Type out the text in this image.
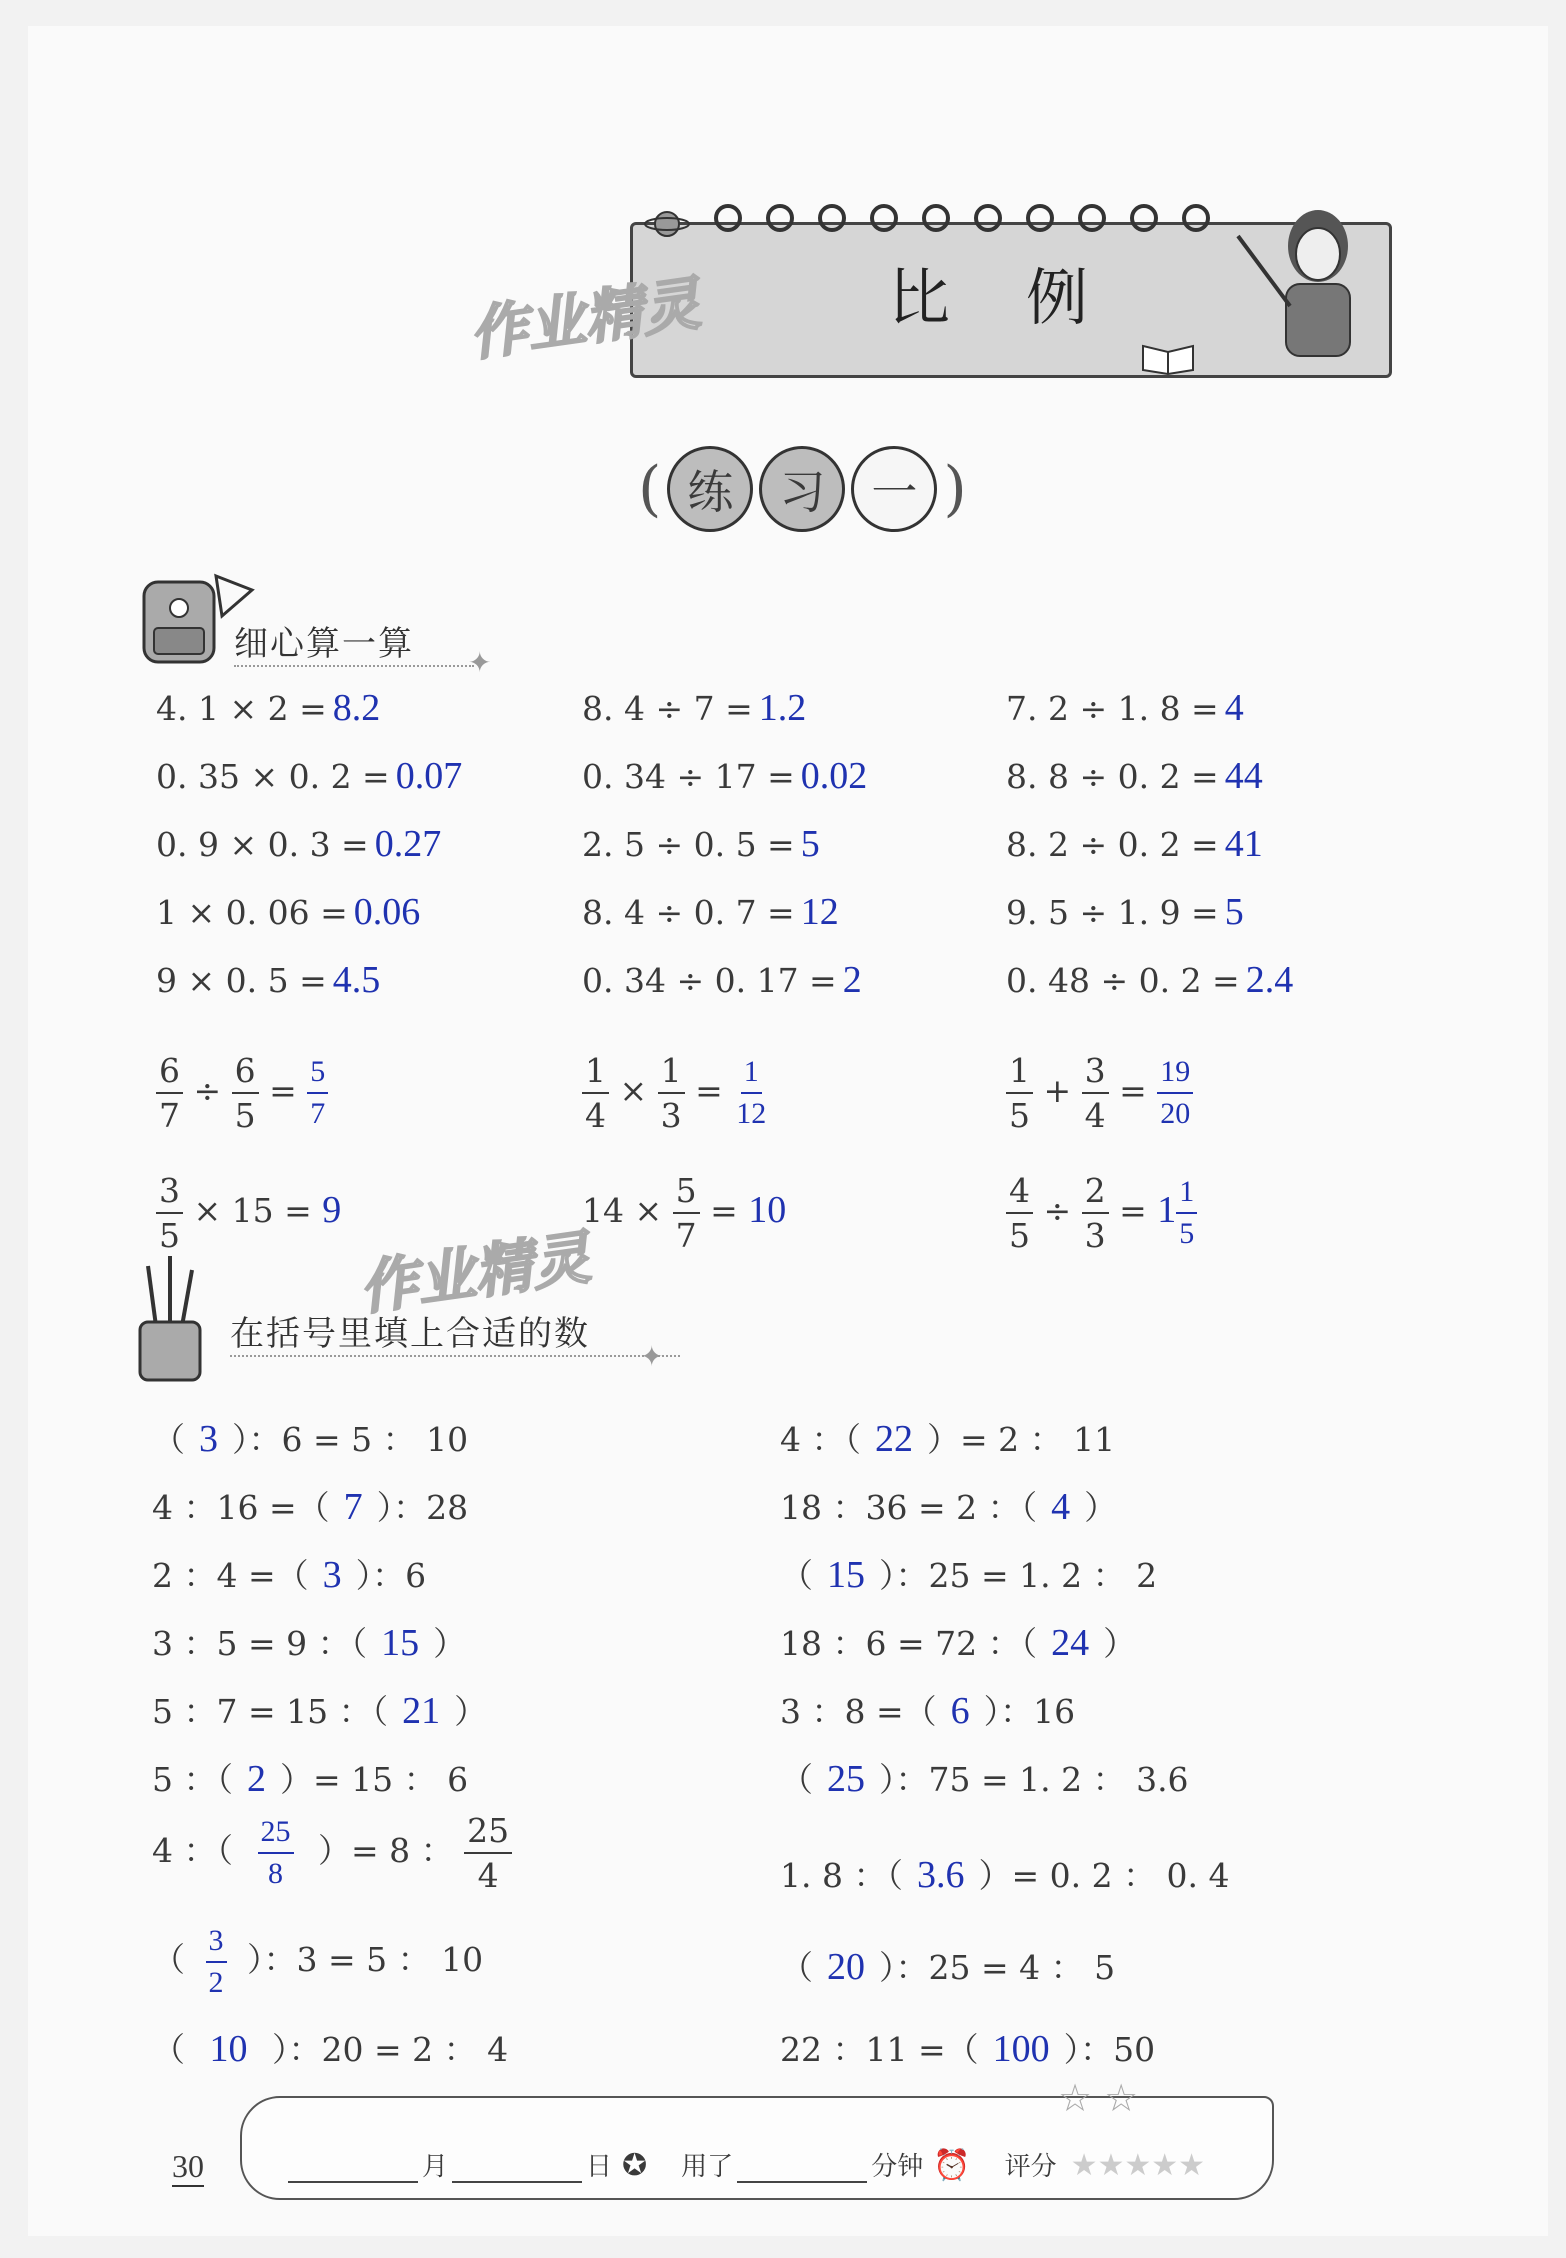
比 例
作业精灵
( 练	习	一 )
细心算一算	✦
4. 1 × 2 = 8.2	8. 4 ÷ 7 = 1.2	7. 2 ÷ 1. 8 = 4
0. 35 × 0. 2 = 0.07	0. 34 ÷ 17 = 0.02	8. 8 ÷ 0. 2 = 44
0. 9 × 0. 3 = 0.27	2. 5 ÷ 0. 5 = 5	8. 2 ÷ 0. 2 = 41
1 × 0. 06 = 0.06	8. 4 ÷ 0. 7 = 12	9. 5 ÷ 1. 9 = 5
9 × 0. 5 = 4.5	0. 34 ÷ 0. 17 = 2	0. 48 ÷ 0. 2 = 2.4
$\frac{6}{7} \div \frac{6}{5} = \frac{5}{7}$	$\frac{1}{4} \times \frac{1}{3} = \frac{1}{12}$	$\frac{1}{5} + \frac{3}{4} = \frac{19}{20}$
$\frac{3}{5} \times 15 = 9$	$14 \times \frac{5}{7} = 10$	$\frac{4}{5} \div \frac{2}{3} = 1 \frac{1}{5}$
作业精灵
在括号里填上合适的数
✦
（ 3 ）：6 = 5 ： 10
4 ：16 =（ 7 ）：28
2 ：4 =（ 3 ）：6
3 ：5 = 9 ：（ 15 ）
5 ：7 = 15 ：（ 21 ）
5 ：（ 2 ）= 15 ： 6
4 ：（ 22 ）= 2 ： 11
18 ：36 = 2 ：（ 4 ）
（ 15 ）：25 = 1. 2 ： 2
18 ：6 = 72 ：（ 24 ）
3 ：8 =（ 6 ）：16
（ 25 ）：75 = 1. 2 ： 3.6
1. 8 ：（ 3.6 ）= 0. 2 ： 0. 4
（ 20 ）：25 = 4 ： 5
22 ：11 =（ 100 ）：50
4 ：（ $\frac{25}{8}$ ）= 8 ： $\frac{25}{4}$
（ $\frac{3}{2}$ ）：3 = 5 ： 10
（ 10 ）：20 = 2 ： 4
30	月	日 ✪ 用了	分钟 ⏰ 评分 ★★★★★
☆ ☆
